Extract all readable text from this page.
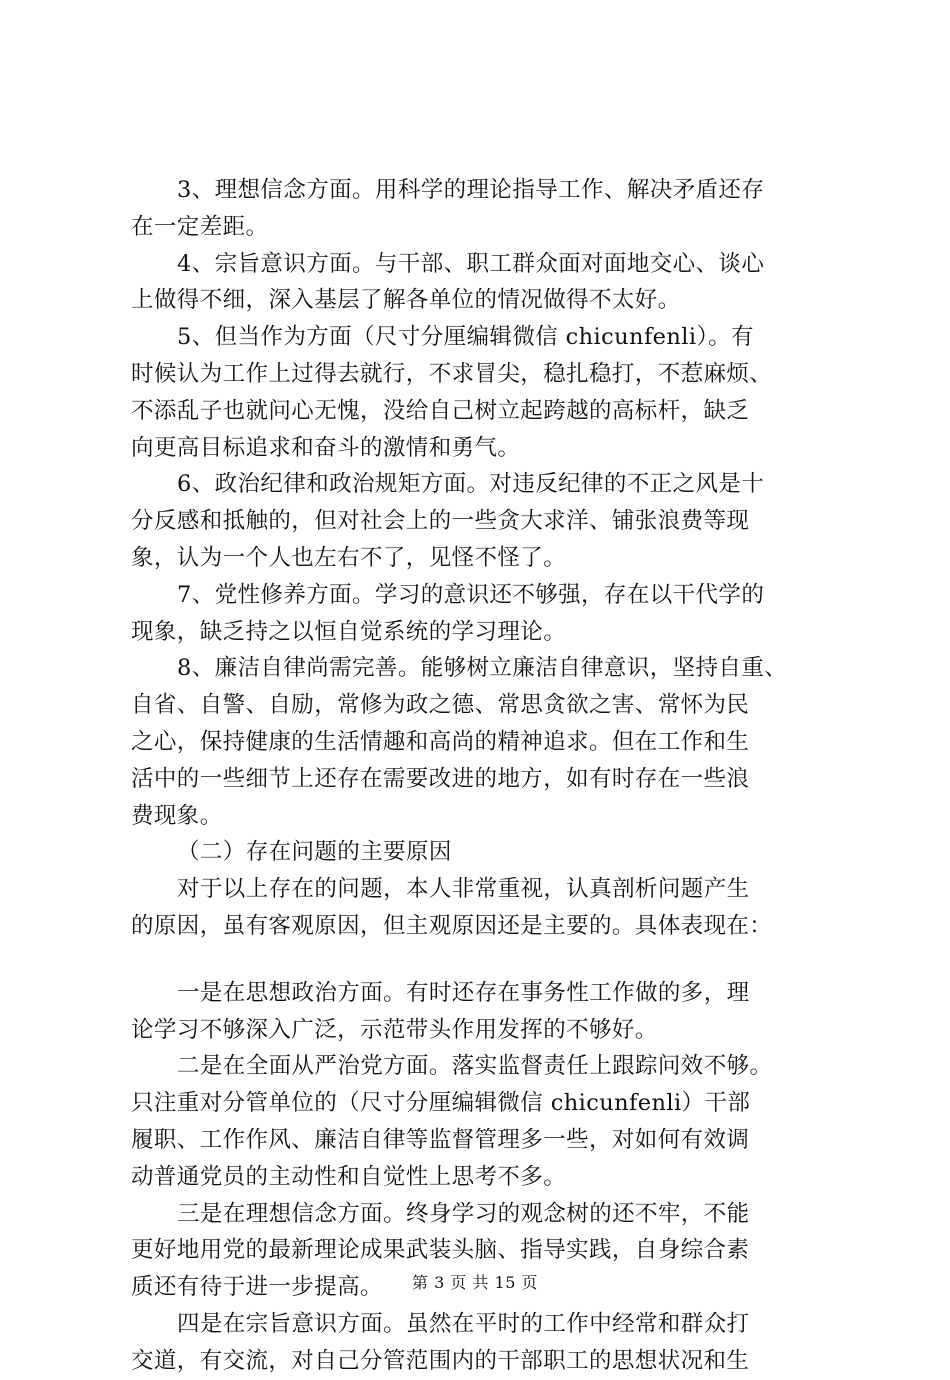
3、理想信念方面。用科学的理论指导工作、解决矛盾还存
在一定差距。

4、宗旨意识方面。与干部、职工群众面对面地交心、谈心
上做得不细，深入基层了解各单位的情况做得不太好。

5、但当作为方面（尺寸分厘编辑微信 chicunfenli）。有
时候认为工作上过得去就行，不求冒尖，稳扎稳打，不惹麻烦、
不添乱子也就问心无愧，没给自己树立起跨越的高标杆，缺乏
向更高目标追求和奋斗的激情和勇气。

6、政治纪律和政治规矩方面。对违反纪律的不正之风是十
分反感和抵触的，但对社会上的一些贪大求洋、铺张浪费等现
象，认为一个人也左右不了，见怪不怪了。

7、党性修养方面。学习的意识还不够强，存在以干代学的
现象，缺乏持之以恒自觉系统的学习理论。

8、廉洁自律尚需完善。能够树立廉洁自律意识，坚持自重、
自省、自警、自励，常修为政之德、常思贪欲之害、常怀为民
之心，保持健康的生活情趣和高尚的精神追求。但在工作和生
活中的一些细节上还存在需要改进的地方，如有时存在一些浪
费现象。

（二）存在问题的主要原因

对于以上存在的问题，本人非常重视，认真剖析问题产生
的原因，虽有客观原因，但主观原因还是主要的。具体表现在：

一是在思想政治方面。有时还存在事务性工作做的多，理
论学习不够深入广泛，示范带头作用发挥的不够好。

二是在全面从严治党方面。落实监督责任上跟踪问效不够。
只注重对分管单位的（尺寸分厘编辑微信 chicunfenli）干部
履职、工作作风、廉洁自律等监督管理多一些，对如何有效调
动普通党员的主动性和自觉性上思考不多。

三是在理想信念方面。终身学习的观念树的还不牢，不能
更好地用党的最新理论成果武装头脑、指导实践，自身综合素
质还有待于进一步提高。

四是在宗旨意识方面。虽然在平时的工作中经常和群众打
交道，有交流，对自己分管范围内的干部职工的思想状况和生

第 3 页 共 15 页
